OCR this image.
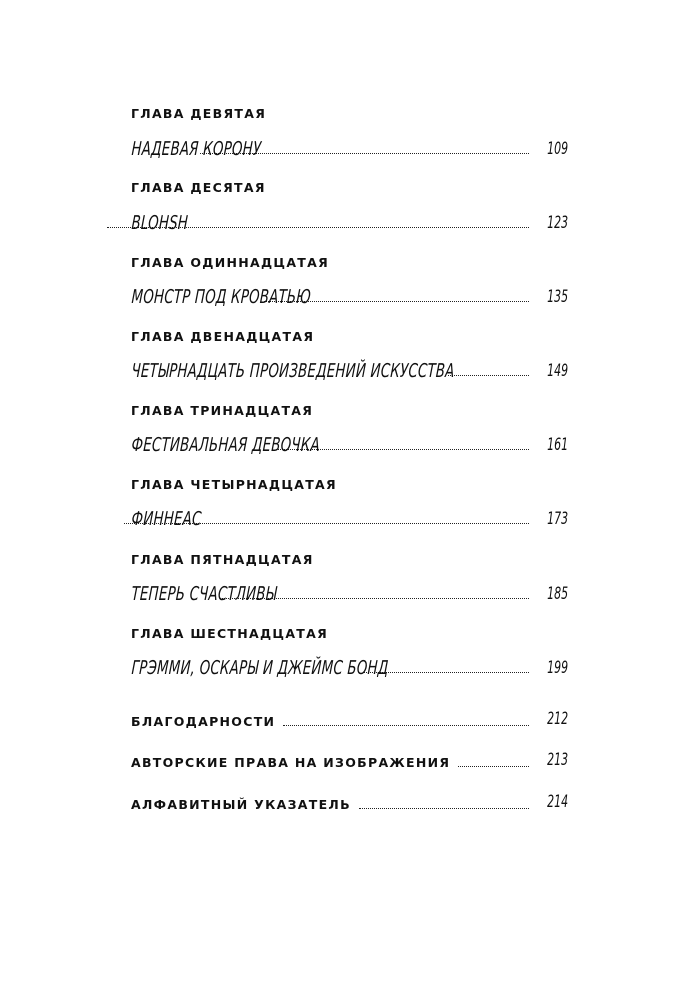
ГЛАВА ДЕВЯТАЯ
НАДЕВАЯ КОРОНУ	109
ГЛАВА ДЕСЯТАЯ
BLOHSH	123
ГЛАВА ОДИННАДЦАТАЯ
МОНСТР ПОД КРОВАТЬЮ	135
ГЛАВА ДВЕНАДЦАТАЯ
ЧЕТЫРНАДЦАТЬ ПРОИЗВЕДЕНИЙ ИСКУССТВА	149
ГЛАВА ТРИНАДЦАТАЯ
ФЕСТИВАЛЬНАЯ ДЕВОЧКА	161
ГЛАВА ЧЕТЫРНАДЦАТАЯ
ФИННЕАС	173
ГЛАВА ПЯТНАДЦАТАЯ
ТЕПЕРЬ СЧАСТЛИВЫ	185
ГЛАВА ШЕСТНАДЦАТАЯ
ГРЭММИ, ОСКАРЫ И ДЖЕЙМС БОНД	199
БЛАГОДАРНОСТИ	212
АВТОРСКИЕ ПРАВА НА ИЗОБРАЖЕНИЯ	213
АЛФАВИТНЫЙ УКАЗАТЕЛЬ	214
